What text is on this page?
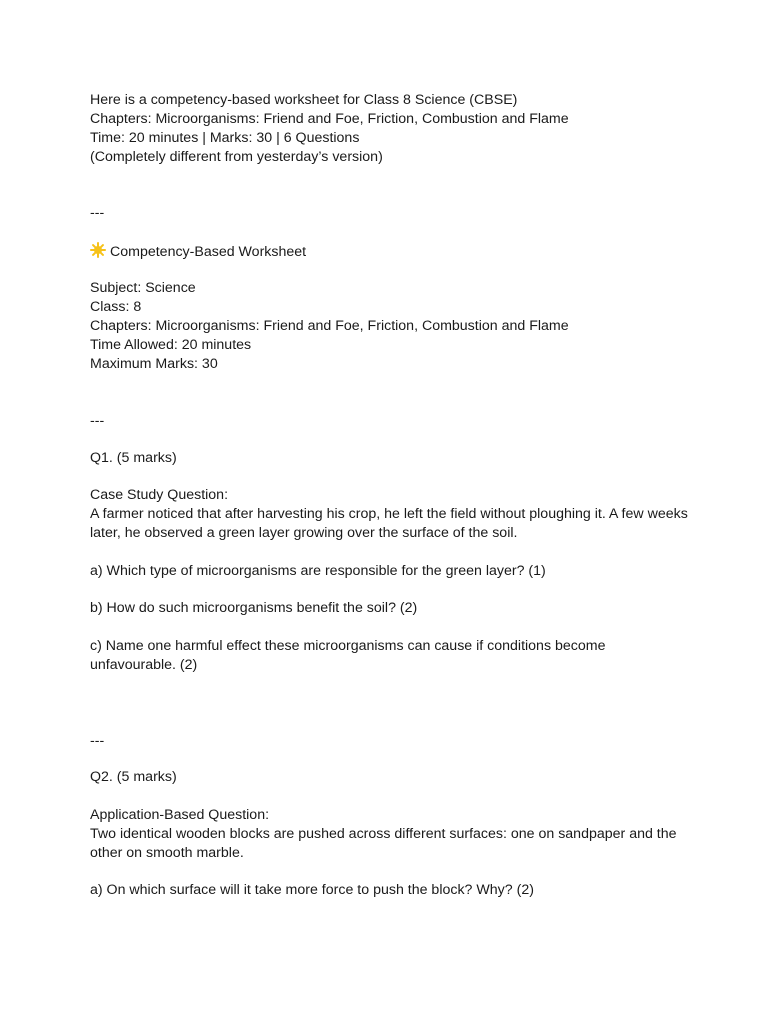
Here is a competency-based worksheet for Class 8 Science (CBSE)
Chapters: Microorganisms: Friend and Foe, Friction, Combustion and Flame
Time: 20 minutes | Marks: 30 | 6 Questions
(Completely different from yesterday’s version)
---
Competency-Based Worksheet
Subject: Science
Class: 8
Chapters: Microorganisms: Friend and Foe, Friction, Combustion and Flame
Time Allowed: 20 minutes
Maximum Marks: 30
---
Q1. (5 marks)
Case Study Question:
A farmer noticed that after harvesting his crop, he left the field without ploughing it. A few weeks
later, he observed a green layer growing over the surface of the soil.
a) Which type of microorganisms are responsible for the green layer? (1)
b) How do such microorganisms benefit the soil? (2)
c) Name one harmful effect these microorganisms can cause if conditions become
unfavourable. (2)
---
Q2. (5 marks)
Application-Based Question:
Two identical wooden blocks are pushed across different surfaces: one on sandpaper and the
other on smooth marble.
a) On which surface will it take more force to push the block? Why? (2)
